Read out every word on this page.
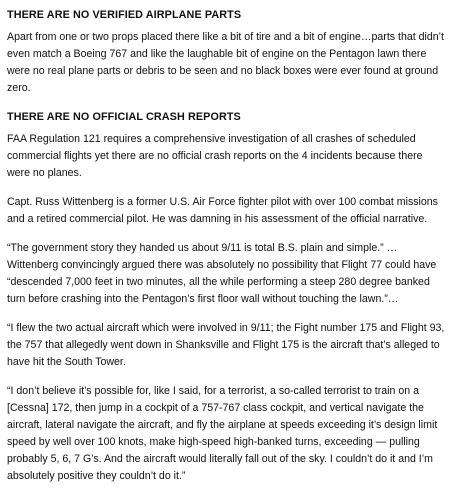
THERE ARE NO VERIFIED AIRPLANE PARTS

Apart from one or two props placed there like a bit of tire and a bit of engine…parts that didn’t even match a Boeing 767 and like the laughable bit of engine on the Pentagon lawn there were no real plane parts or debris to be seen and no black boxes were ever found at ground zero.

THERE ARE NO OFFICIAL CRASH REPORTS

FAA Regulation 121 requires a comprehensive investigation of all crashes of scheduled commercial flights yet there are no official crash reports on the 4 incidents because there were no planes.

Capt. Russ Wittenberg is a former U.S. Air Force fighter pilot with over 100 combat missions and a retired commercial pilot. He was damning in his assessment of the official narrative.

“The government story they handed us about 9/11 is total B.S. plain and simple.” … Wittenberg convincingly argued there was absolutely no possibility that Flight 77 could have “descended 7,000 feet in two minutes, all the while performing a steep 280 degree banked turn before crashing into the Pentagon’s first floor wall without touching the lawn.”…

“I flew the two actual aircraft which were involved in 9/11; the Fight number 175 and Flight 93, the 757 that allegedly went down in Shanksville and Flight 175 is the aircraft that’s alleged to have hit the South Tower.

“I don’t believe it’s possible for, like I said, for a terrorist, a so-called terrorist to train on a [Cessna] 172, then jump in a cockpit of a 757-767 class cockpit, and vertical navigate the aircraft, lateral navigate the aircraft, and fly the airplane at speeds exceeding it’s design limit speed by well over 100 knots, make high-speed high-banked turns, exceeding — pulling probably 5, 6, 7 G’s. And the aircraft would literally fall out of the sky. I couldn’t do it and I’m absolutely positive they couldn’t do it.”
